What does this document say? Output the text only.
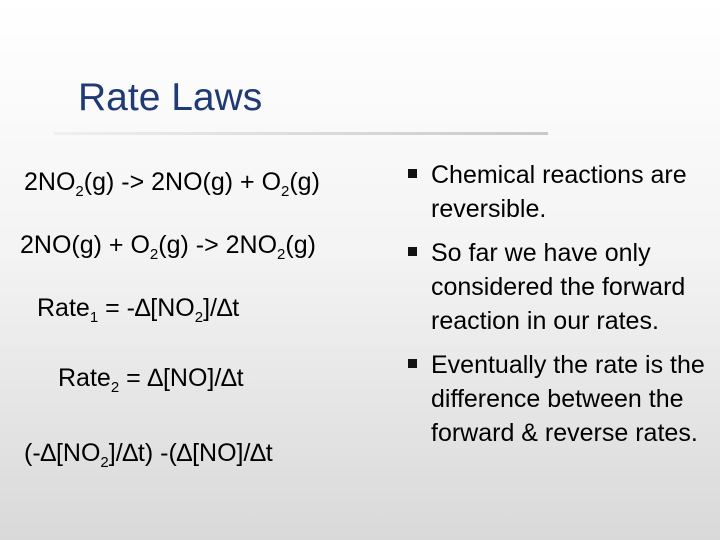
Rate Laws
$2NO_2(g) -> 2NO(g) + O_2(g)$
$2NO(g) + O_2(g) -> 2NO_2(g)$
Rate$_1$ = $-\Delta[NO_2]/\Delta t$
Rate$_2$ = ∆[NO]/∆t
$(-\Delta[NO_2]/\Delta t)$ -(∆[NO]/∆t
Chemical reactions are reversible.
So far we have only considered the forward reaction in our rates.
Eventually the rate is the difference between the forward & reverse rates.
